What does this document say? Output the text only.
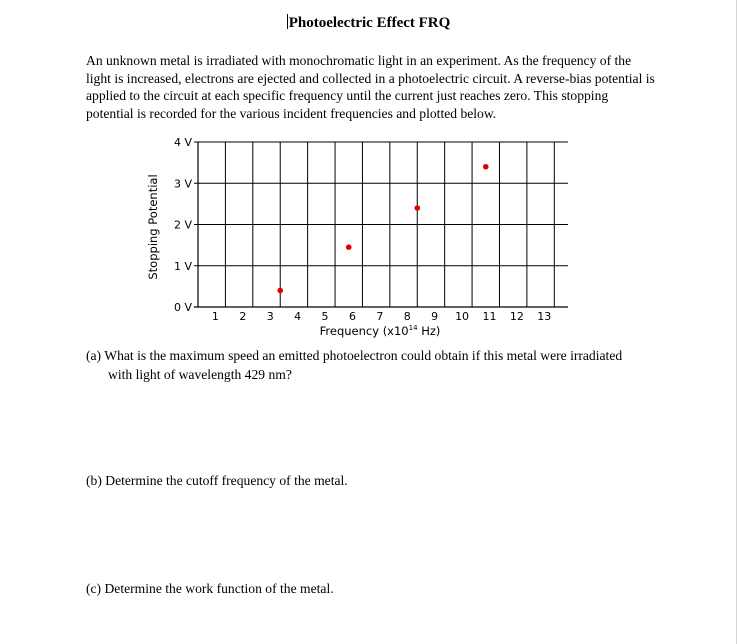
Photoelectric Effect FRQ

An unknown metal is irradiated with monochromatic light in an experiment. As the frequency of the light is increased, electrons are ejected and collected in a photoelectric circuit. A reverse-bias potential is applied to the circuit at each specific frequency until the current just reaches zero. This stopping potential is recorded for the various incident frequencies and plotted below.

0 V
1 V
2 V
3 V
4 V
1 2 3 4 5 6 7 8 9 10 11 12 13
Stopping Potential
Frequency ($x10^{14}$ Hz)
(a) What is the maximum speed an emitted photoelectron could obtain if this metal were irradiated with light of wavelength 429 nm?
(b) Determine the cutoff frequency of the metal.
(c) Determine the work function of the metal.
